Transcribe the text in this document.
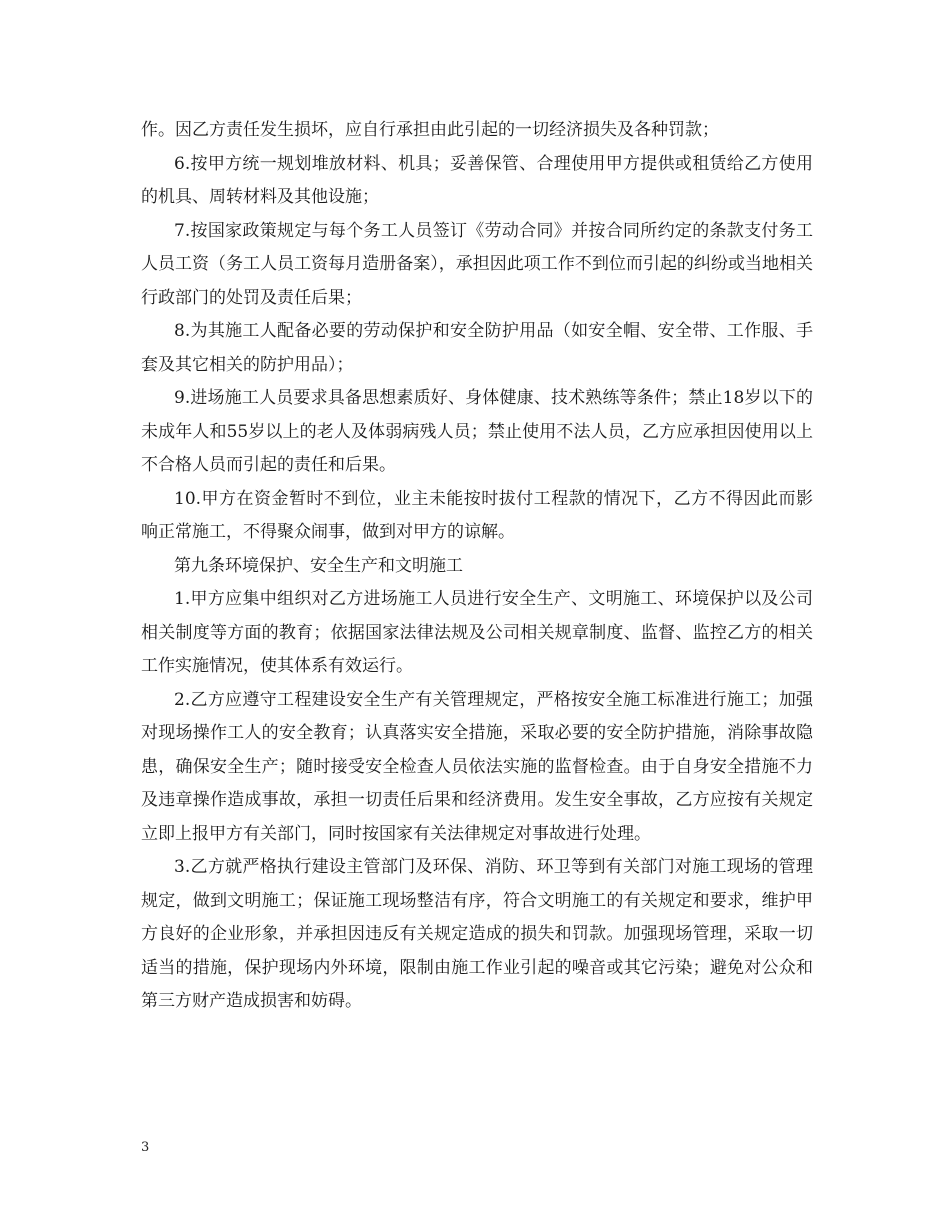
作。因乙方责任发生损坏，应自行承担由此引起的一切经济损失及各种罚款；

6.按甲方统一规划堆放材料、机具；妥善保管、合理使用甲方提供或租赁给乙方使用的机具、周转材料及其他设施；

7.按国家政策规定与每个务工人员签订《劳动合同》并按合同所约定的条款支付务工人员工资（务工人员工资每月造册备案），承担因此项工作不到位而引起的纠纷或当地相关行政部门的处罚及责任后果；

8.为其施工人配备必要的劳动保护和安全防护用品（如安全帽、安全带、工作服、手套及其它相关的防护用品）；

9.进场施工人员要求具备思想素质好、身体健康、技术熟练等条件；禁止18岁以下的未成年人和55岁以上的老人及体弱病残人员；禁止使用不法人员，乙方应承担因使用以上不合格人员而引起的责任和后果。

10.甲方在资金暂时不到位，业主未能按时拔付工程款的情况下，乙方不得因此而影响正常施工，不得聚众闹事，做到对甲方的谅解。

第九条环境保护、安全生产和文明施工

1.甲方应集中组织对乙方进场施工人员进行安全生产、文明施工、环境保护以及公司相关制度等方面的教育；依据国家法律法规及公司相关规章制度、监督、监控乙方的相关工作实施情况，使其体系有效运行。

2.乙方应遵守工程建设安全生产有关管理规定，严格按安全施工标准进行施工；加强对现场操作工人的安全教育；认真落实安全措施，采取必要的安全防护措施，消除事故隐患，确保安全生产；随时接受安全检查人员依法实施的监督检查。由于自身安全措施不力及违章操作造成事故，承担一切责任后果和经济费用。发生安全事故，乙方应按有关规定立即上报甲方有关部门，同时按国家有关法律规定对事故进行处理。

3.乙方就严格执行建设主管部门及环保、消防、环卫等到有关部门对施工现场的管理规定，做到文明施工；保证施工现场整洁有序，符合文明施工的有关规定和要求，维护甲方良好的企业形象，并承担因违反有关规定造成的损失和罚款。加强现场管理，采取一切适当的措施，保护现场内外环境，限制由施工作业引起的噪音或其它污染；避免对公众和第三方财产造成损害和妨碍。

3
